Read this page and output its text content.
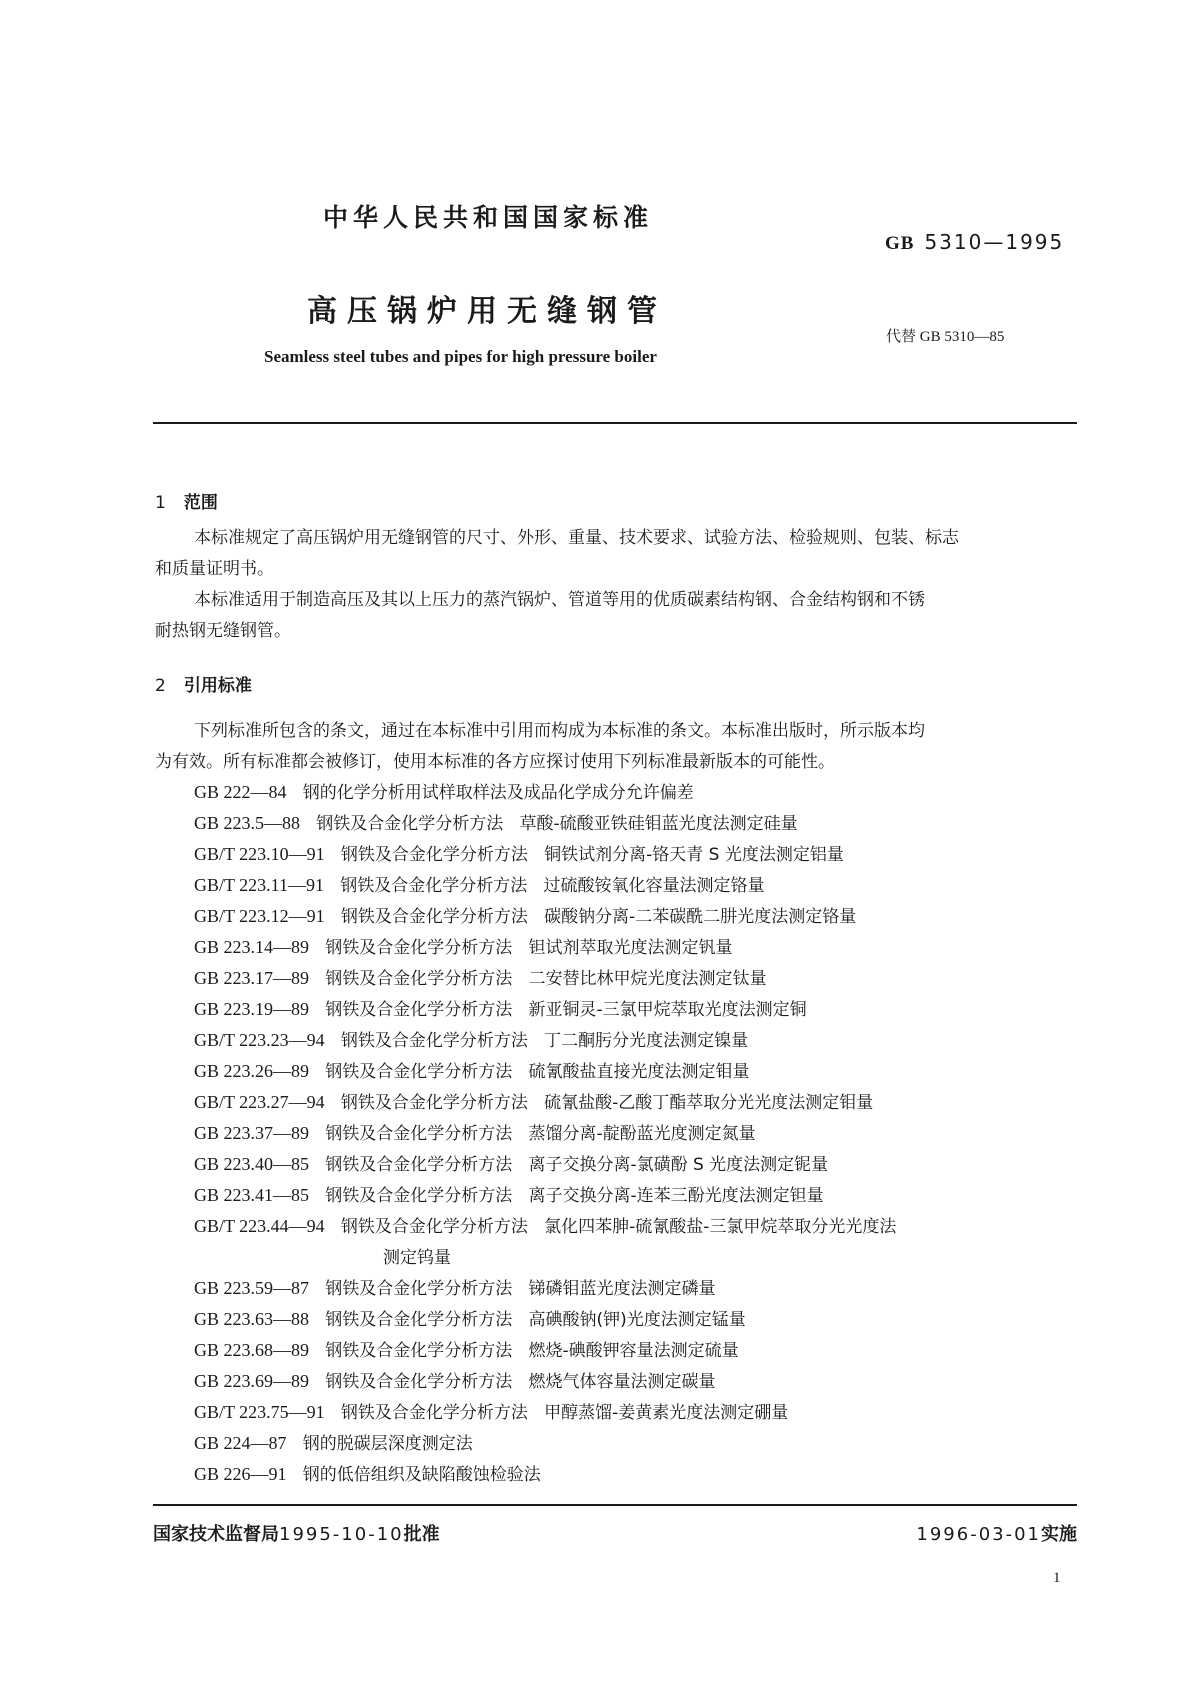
中华人民共和国国家标准
GB 5310—1995
高压锅炉用无缝钢管
代替 GB 5310—85
Seamless steel tubes and pipes for high pressure boiler
1 范围
本标准规定了高压锅炉用无缝钢管的尺寸、外形、重量、技术要求、试验方法、检验规则、包装、标志
和质量证明书。
本标准适用于制造高压及其以上压力的蒸汽锅炉、管道等用的优质碳素结构钢、合金结构钢和不锈
耐热钢无缝钢管。
2 引用标准
下列标准所包含的条文，通过在本标准中引用而构成为本标准的条文。本标准出版时，所示版本均
为有效。所有标准都会被修订，使用本标准的各方应探讨使用下列标准最新版本的可能性。
GB 222—84 钢的化学分析用试样取样法及成品化学成分允许偏差
GB 223.5—88 钢铁及合金化学分析方法 草酸-硫酸亚铁硅钼蓝光度法测定硅量
GB/T 223.10—91 钢铁及合金化学分析方法 铜铁试剂分离-铬天青 S 光度法测定铝量
GB/T 223.11—91 钢铁及合金化学分析方法 过硫酸铵氧化容量法测定铬量
GB/T 223.12—91 钢铁及合金化学分析方法 碳酸钠分离-二苯碳酰二肼光度法测定铬量
GB 223.14—89 钢铁及合金化学分析方法 钽试剂萃取光度法测定钒量
GB 223.17—89 钢铁及合金化学分析方法 二安替比林甲烷光度法测定钛量
GB 223.19—89 钢铁及合金化学分析方法 新亚铜灵-三氯甲烷萃取光度法测定铜
GB/T 223.23—94 钢铁及合金化学分析方法 丁二酮肟分光度法测定镍量
GB 223.26—89 钢铁及合金化学分析方法 硫氰酸盐直接光度法测定钼量
GB/T 223.27—94 钢铁及合金化学分析方法 硫氰盐酸-乙酸丁酯萃取分光光度法测定钼量
GB 223.37—89 钢铁及合金化学分析方法 蒸馏分离-靛酚蓝光度测定氮量
GB 223.40—85 钢铁及合金化学分析方法 离子交换分离-氯磺酚 S 光度法测定铌量
GB 223.41—85 钢铁及合金化学分析方法 离子交换分离-连苯三酚光度法测定钽量
GB/T 223.44—94 钢铁及合金化学分析方法 氯化四苯胂-硫氰酸盐-三氯甲烷萃取分光光度法
测定钨量
GB 223.59—87 钢铁及合金化学分析方法 锑磷钼蓝光度法测定磷量
GB 223.63—88 钢铁及合金化学分析方法 高碘酸钠(钾)光度法测定锰量
GB 223.68—89 钢铁及合金化学分析方法 燃烧-碘酸钾容量法测定硫量
GB 223.69—89 钢铁及合金化学分析方法 燃烧气体容量法测定碳量
GB/T 223.75—91 钢铁及合金化学分析方法 甲醇蒸馏-姜黄素光度法测定硼量
GB 224—87 钢的脱碳层深度测定法
GB 226—91 钢的低倍组织及缺陷酸蚀检验法
国家技术监督局1995-10-10批准	1996-03-01实施
1
